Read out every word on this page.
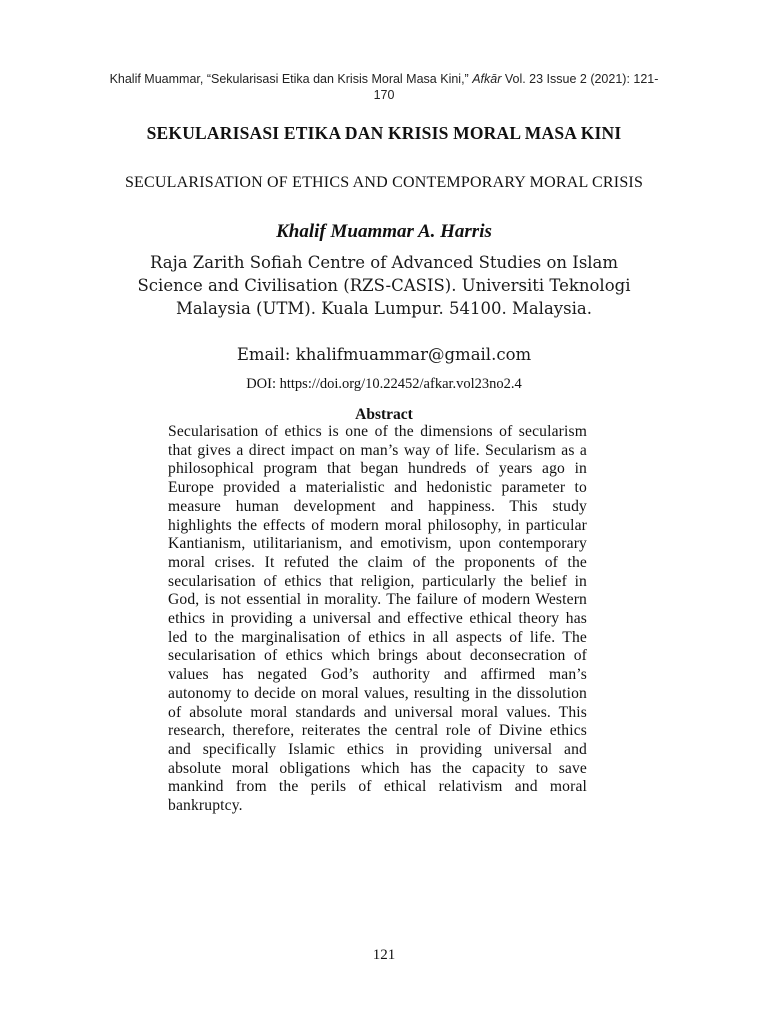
Khalif Muammar, “Sekularisasi Etika dan Krisis Moral Masa Kini,” Afkār Vol. 23 Issue 2 (2021): 121-170
SEKULARISASI ETIKA DAN KRISIS MORAL MASA KINI
SECULARISATION OF ETHICS AND CONTEMPORARY MORAL CRISIS
Khalif Muammar A. Harris
Raja Zarith Sofiah Centre of Advanced Studies on Islam Science and Civilisation (RZS-CASIS). Universiti Teknologi Malaysia (UTM). Kuala Lumpur. 54100. Malaysia.
Email: khalifmuammar@gmail.com
DOI: https://doi.org/10.22452/afkar.vol23no2.4
Abstract
Secularisation of ethics is one of the dimensions of secularism that gives a direct impact on man’s way of life. Secularism as a philosophical program that began hundreds of years ago in Europe provided a materialistic and hedonistic parameter to measure human development and happiness. This study highlights the effects of modern moral philosophy, in particular Kantianism, utilitarianism, and emotivism, upon contemporary moral crises. It refuted the claim of the proponents of the secularisation of ethics that religion, particularly the belief in God, is not essential in morality. The failure of modern Western ethics in providing a universal and effective ethical theory has led to the marginalisation of ethics in all aspects of life. The secularisation of ethics which brings about deconsecration of values has negated God’s authority and affirmed man’s autonomy to decide on moral values, resulting in the dissolution of absolute moral standards and universal moral values. This research, therefore, reiterates the central role of Divine ethics and specifically Islamic ethics in providing universal and absolute moral obligations which has the capacity to save mankind from the perils of ethical relativism and moral bankruptcy.
121
